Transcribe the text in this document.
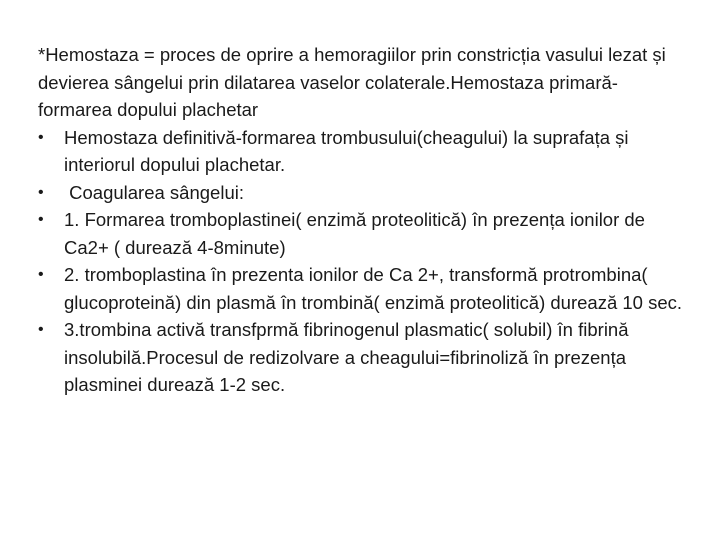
*Hemostaza = proces de oprire a hemoragiilor prin constricția vasului lezat și devierea sângelui prin dilatarea vaselor colaterale.Hemostaza primară-formarea dopului plachetar

•	Hemostaza definitivă-formarea trombusului(cheagului) la suprafața și interiorul dopului plachetar.
•	Coagularea sângelui:
•	1. Formarea tromboplastinei( enzimă proteolitică) în prezența ionilor de Ca2+ ( durează 4-8minute)
•	2. tromboplastina în prezenta ionilor de Ca 2+, transformă protrombina( glucoproteină) din plasmă în trombină( enzimă proteolitică) durează 10 sec.
•	3.trombina activă transfprmă fibrinogenul plasmatic( solubil) în fibrină insolubilă.Procesul de redizolvare a cheagului=fibrinoliză în prezența plasminei durează 1-2 sec.
